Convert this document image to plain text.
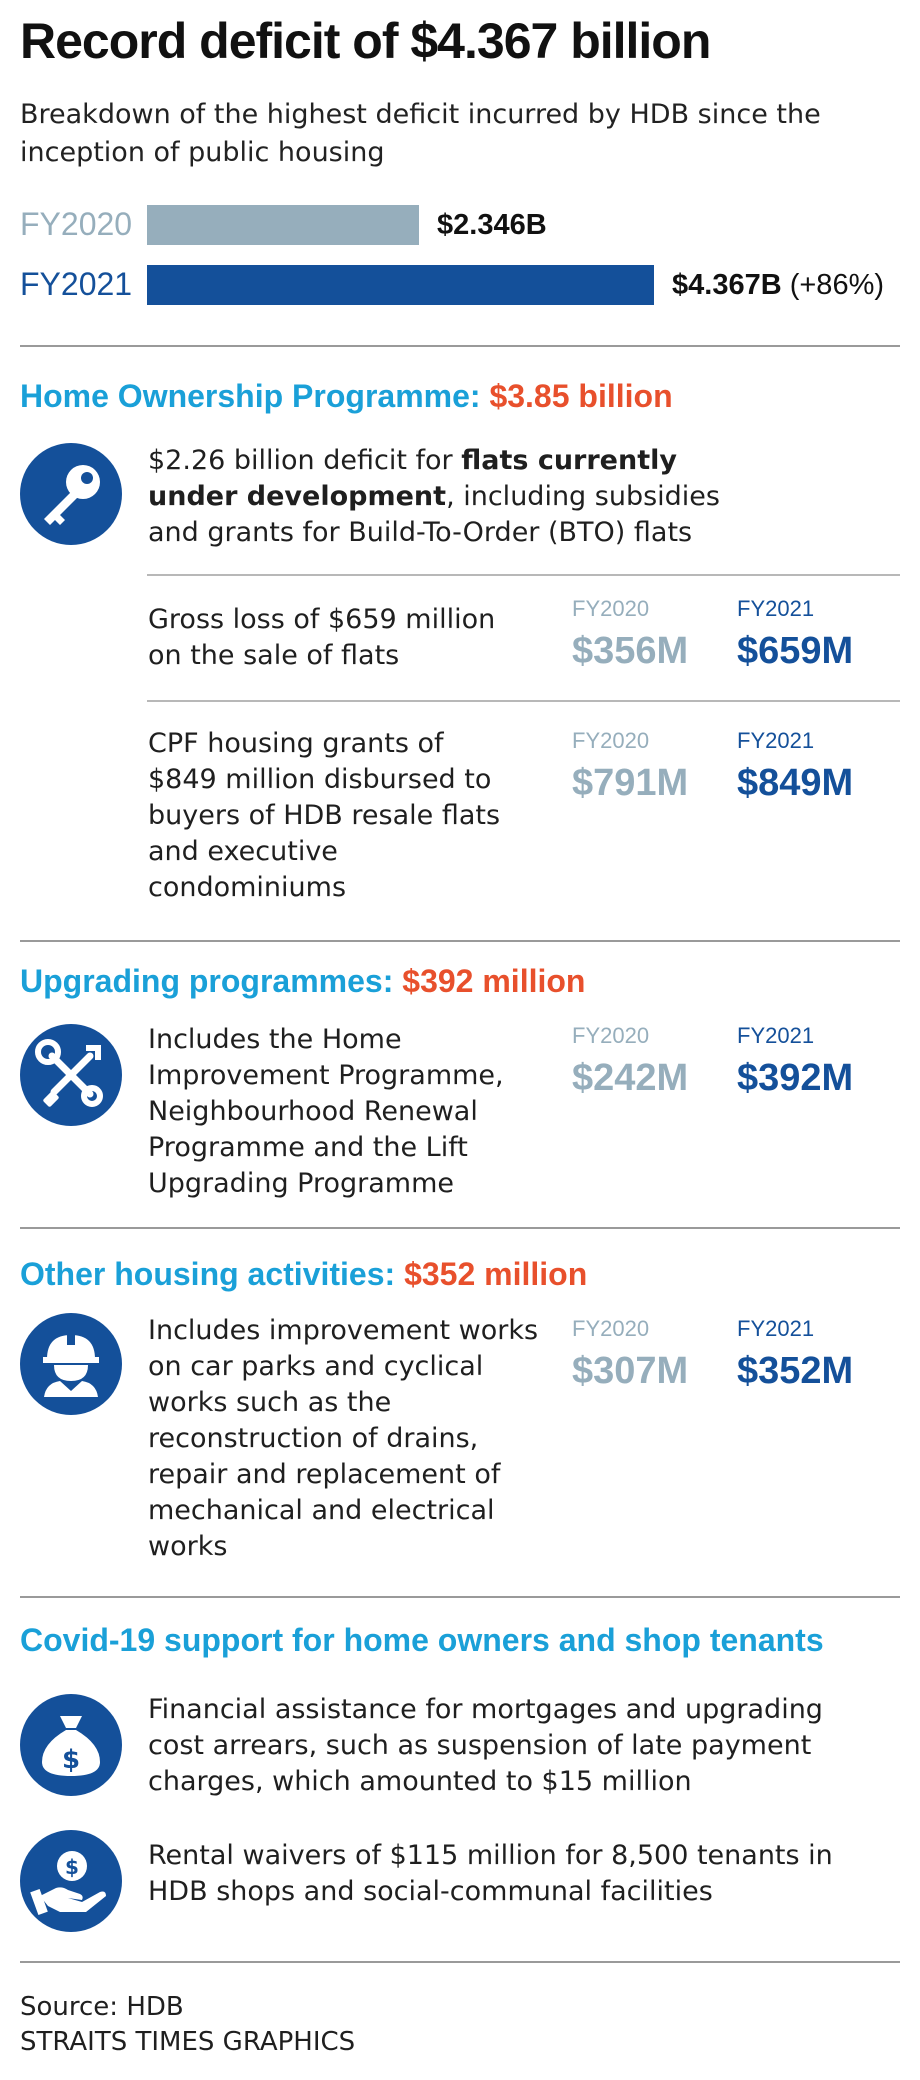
Record deficit of $4.367 billion
Breakdown of the highest deficit incurred by HDB since the inception of public housing
FY2020	$2.346B
FY2021	$4.367B (+86%)
Home Ownership Programme: $3.85 billion
$2.26 billion deficit for flats currently under development, including subsidies and grants for Build-To-Order (BTO) flats
Gross loss of $659 million on the sale of flats
FY2020	FY2021
$356M $659M
CPF housing grants of $849 million disbursed to buyers of HDB resale flats and executive condominiums
FY2020	FY2021
$791M $849M
Upgrading programmes: $392 million
Includes the Home Improvement Programme, Neighbourhood Renewal Programme and the Lift Upgrading Programme
FY2020	FY2021
$242M $392M
Other housing activities: $352 million
Includes improvement works on car parks and cyclical works such as the reconstruction of drains, repair and replacement of mechanical and electrical works
FY2020	FY2021
$307M $352M
Covid-19 support for home owners and shop tenants
$
Financial assistance for mortgages and upgrading cost arrears, such as suspension of late payment charges, which amounted to $15 million
$	Rental waivers of $115 million for 8,500 tenants in HDB shops and social-communal facilities
Source: HDB
STRAITS TIMES GRAPHICS
